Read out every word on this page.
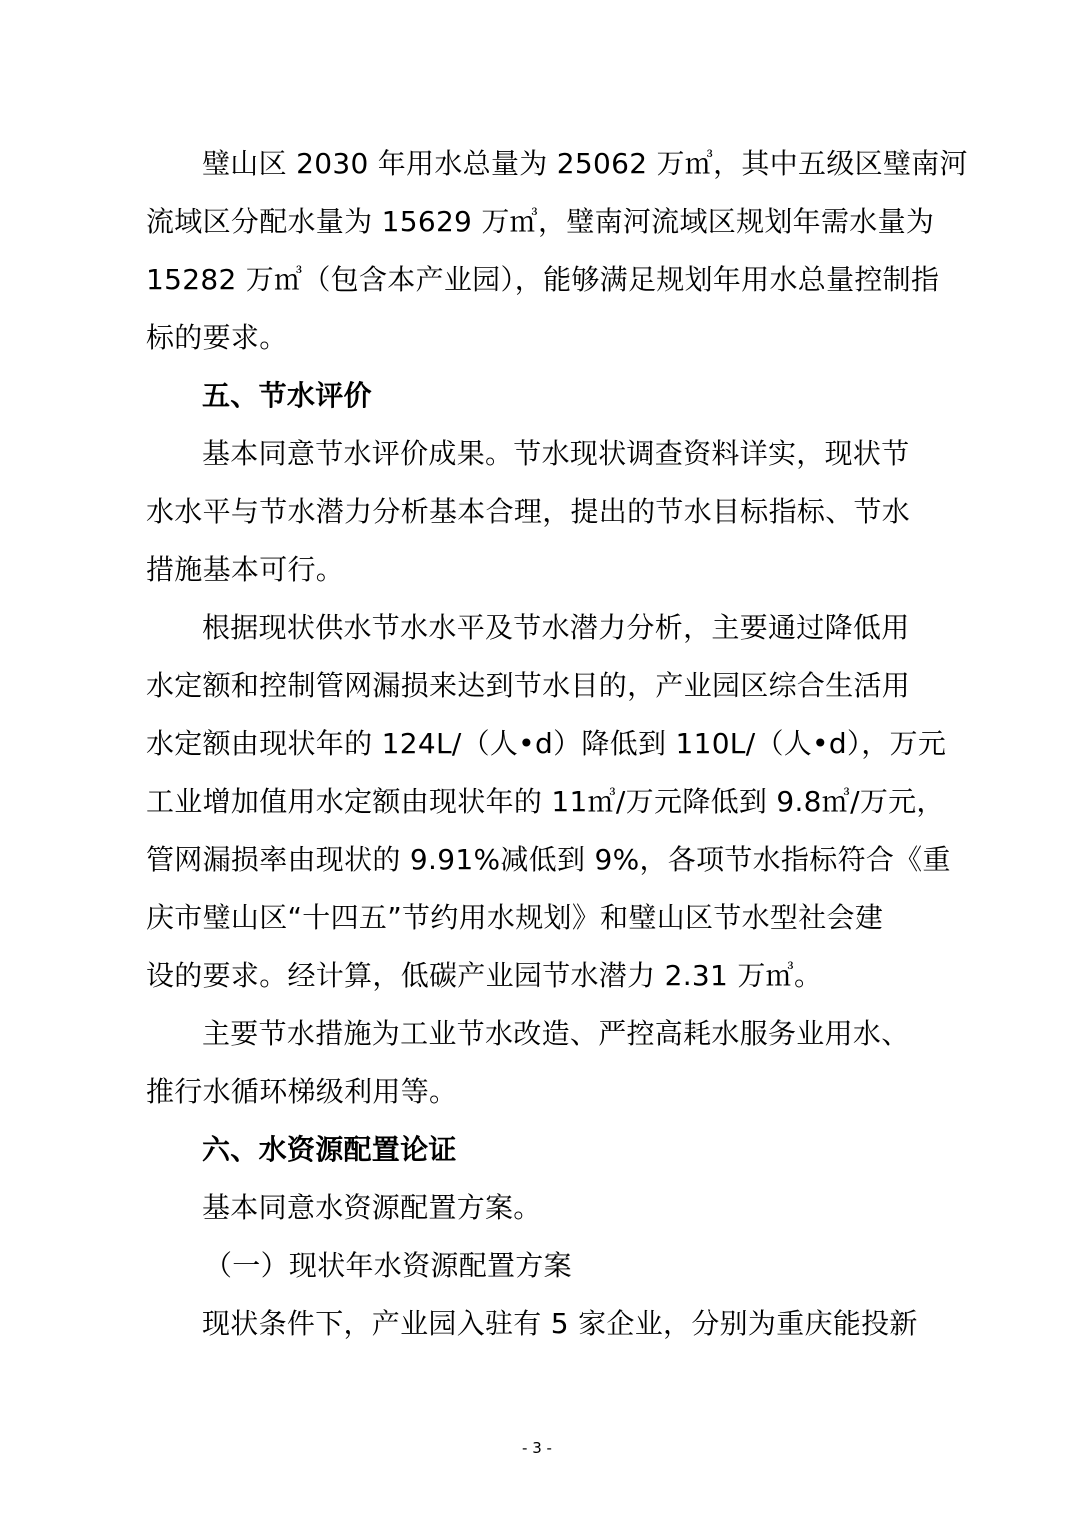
璧山区 2030 年用水总量为 25062 万㎥，其中五级区璧南河
流域区分配水量为 15629 万㎥，璧南河流域区规划年需水量为
15282 万㎥（包含本产业园），能够满足规划年用水总量控制指
标的要求。
五、节水评价
基本同意节水评价成果。节水现状调查资料详实，现状节
水水平与节水潜力分析基本合理，提出的节水目标指标、节水
措施基本可行。
根据现状供水节水水平及节水潜力分析，主要通过降低用
水定额和控制管网漏损来达到节水目的，产业园区综合生活用
水定额由现状年的 124L/（人•d）降低到 110L/（人•d），万元
工业增加值用水定额由现状年的 11㎥/万元降低到 9.8㎥/万元，
管网漏损率由现状的 9.91%减低到 9%，各项节水指标符合《重
庆市璧山区“十四五”节约用水规划》和璧山区节水型社会建
设的要求。经计算，低碳产业园节水潜力 2.31 万㎥。
主要节水措施为工业节水改造、严控高耗水服务业用水、
推行水循环梯级利用等。
六、水资源配置论证
基本同意水资源配置方案。
（一）现状年水资源配置方案
现状条件下，产业园入驻有 5 家企业，分别为重庆能投新
- 3 -
